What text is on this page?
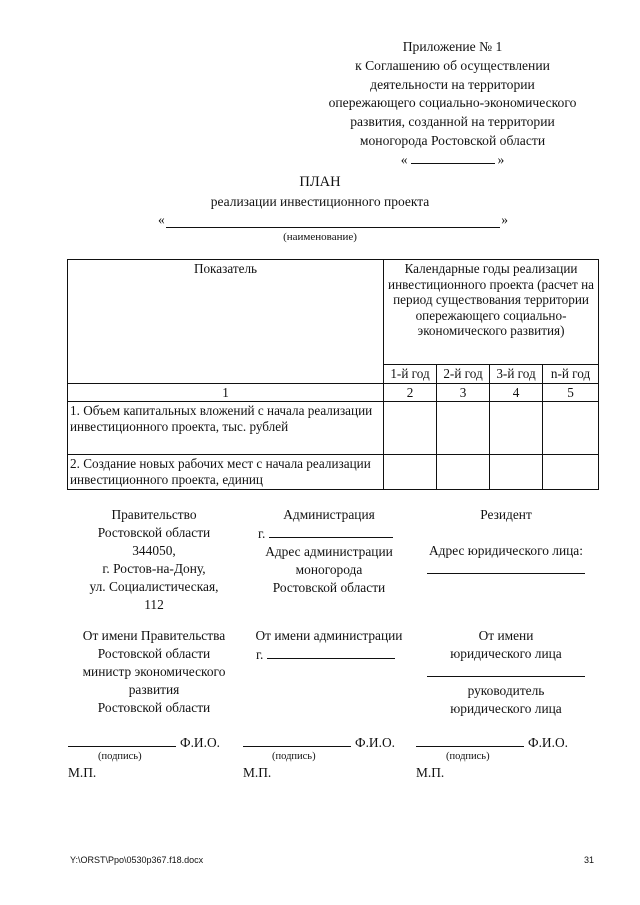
Приложение № 1
к Соглашению об осуществлении
деятельности на территории
опережающего социально-экономического
развития, созданной на территории
моногорода Ростовской области
«	»
ПЛАН
реализации инвестиционного проекта
«	»
(наименование)
Показатель	Календарные годы реализации инвестиционного проекта (расчет на период существования территории опережающего социально-экономического развития)			
	1-й год	2-й год	3-й год	n-й год
1	2	3	4	5
1. Объем капитальных вложений с начала реализации инвестиционного проекта, тыс. рублей				
2. Создание новых рабочих мест с начала реализации инвестиционного проекта, единиц				
Правительство
Ростовской области
344050,
г. Ростов-на-Дону,
ул. Социалистическая,
112
Администрация
г.
Адрес администрации
моногорода
Ростовской области
Резидент
Адрес юридического лица:
От имени Правительства
Ростовской области
министр экономического
развития
Ростовской области
От имени администрации
г.
От имени
юридического лица
руководитель
юридического лица
Ф.И.О.	Ф.И.О.	Ф.И.О.
(подпись)	(подпись)	(подпись)
М.П.	М.П.	М.П.
Y:\ORST\Ppo\0530p367.f18.docx	31
